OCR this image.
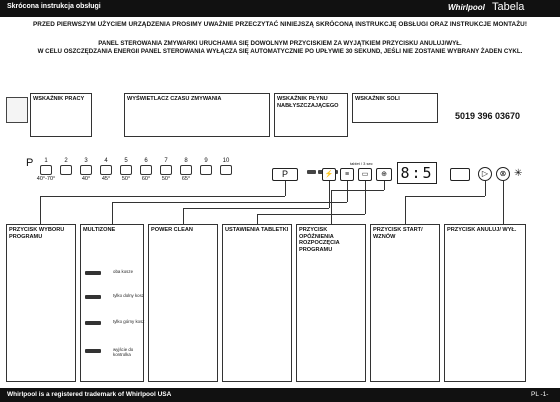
Skrócona instrukcja obsługi	Whirlpool Tabela
PRZED PIERWSZYM UŻYCIEM URZĄDZENIA PROSIMY UWAŻNIE PRZECZYTAĆ NINIEJSZĄ SKRÓCONĄ INSTRUKCJĘ OBSŁUGI ORAZ INSTRUKCJE MONTAŻU!
PANEL STEROWANIA ZMYWARKI URUCHAMIA SIĘ DOWOLNYM PRZYCISKIEM ZA WYJĄTKIEM PRZYCISKU ANULUJ/WYŁ.
W CELU OSZCZĘDZANIA ENERGII PANEL STEROWANIA WYŁĄCZA SIĘ AUTOMATYCZNIE PO UPŁYWIE 30 SEKUND, JEŚLI NIE ZOSTANIE WYBRANY ŻADEN CYKL.
WSKAŹNIK PRACY	WYŚWIETLACZ CZASU ZMYWANIA	WSKAŹNIK PŁYNU NABŁYSZCZAJĄCEGO
WSKAŹNIK SOLI
5019 396 03670
P	1
40°-70°
2	3
40°
4
45°
5
50°
6
60°
7
50°
8
65°
9	10
P	⚡	≡	▭
tablet / 3 sec
⊕ 8:5	▷	⊗ ✳
PRZYCISK WYBORU PROGRAMU
MULTIZONE
oba kosze
tylko dolny kosz
tylko górny kosz
wyjście do kontrolka
POWER CLEAN	USTAWIENIA TABLETKI PRZYCISK OPÓŹNIENIA ROZPOCZĘCIA PROGRAMU
PRZYCISK START/ WZNÓW
PRZYCISK ANULUJ/ WYŁ.
Whirlpool is a registered trademark of Whirlpool USA	PL -1-
